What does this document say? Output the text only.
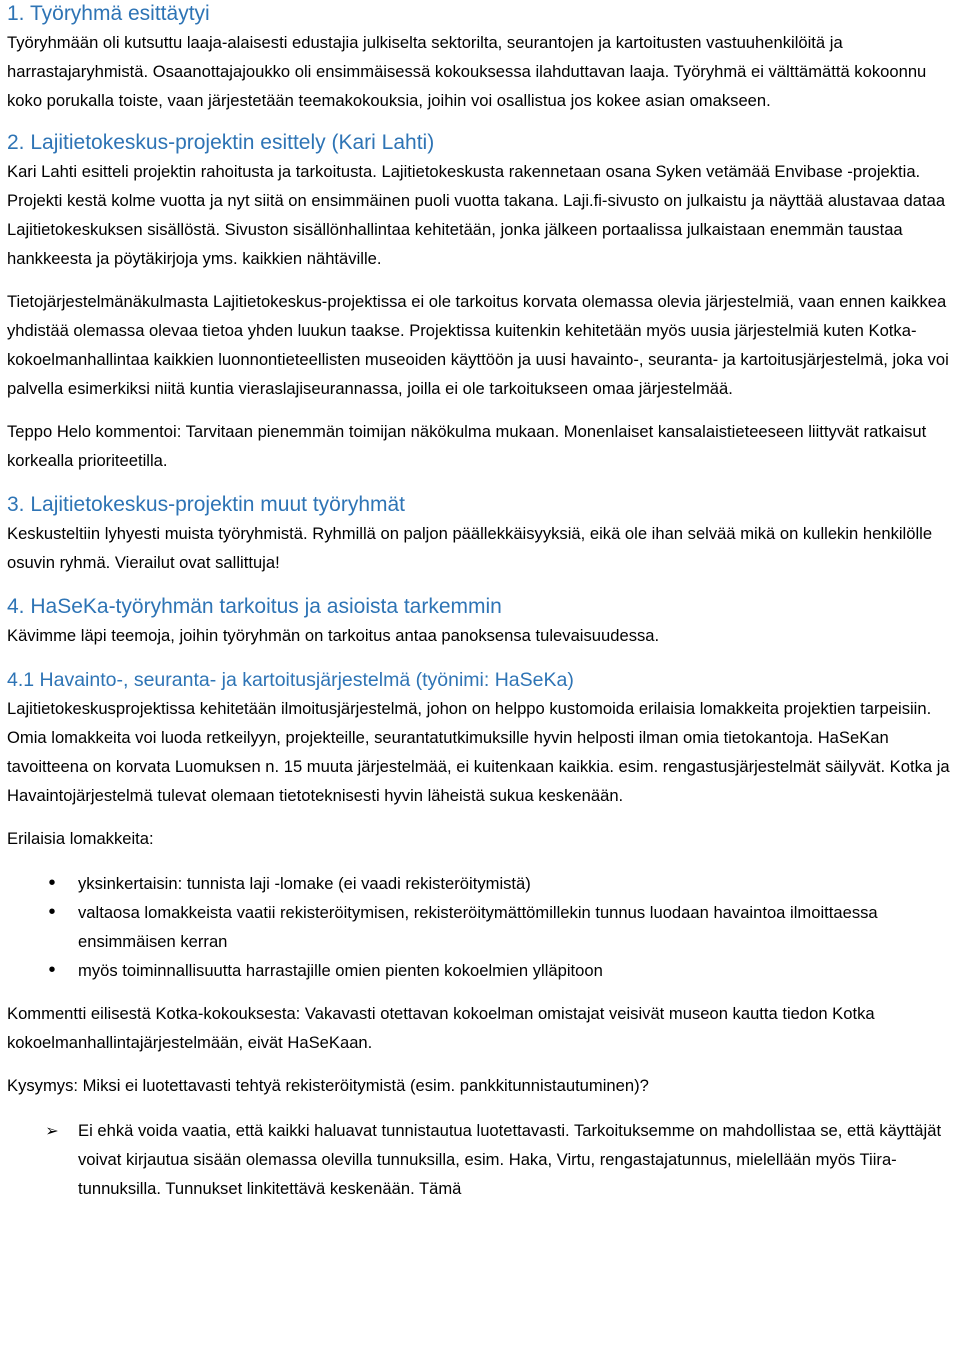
1. Työryhmä esittäytyi

Työryhmään oli kutsuttu laaja-alaisesti edustajia julkiselta sektorilta, seurantojen ja kartoitusten vastuuhenkilöitä ja harrastajaryhmistä. Osaanottajajoukko oli ensimmäisessä kokouksessa ilahduttavan laaja. Työryhmä ei välttämättä kokoonnu koko porukalla toiste, vaan järjestetään teemakokouksia, joihin voi osallistua jos kokee asian omakseen.

2. Lajitietokeskus-projektin esittely (Kari Lahti)

Kari Lahti esitteli projektin rahoitusta ja tarkoitusta. Lajitietokeskusta rakennetaan osana Syken vetämää Envibase -projektia. Projekti kestä kolme vuotta ja nyt siitä on ensimmäinen puoli vuotta takana. Laji.fi-sivusto on julkaistu ja näyttää alustavaa dataa Lajitietokeskuksen sisällöstä. Sivuston sisällönhallintaa kehitetään, jonka jälkeen portaalissa julkaistaan enemmän taustaa hankkeesta ja pöytäkirjoja yms. kaikkien nähtäville.

Tietojärjestelmänäkulmasta Lajitietokeskus-projektissa ei ole tarkoitus korvata olemassa olevia järjestelmiä, vaan ennen kaikkea yhdistää olemassa olevaa tietoa yhden luukun taakse. Projektissa kuitenkin kehitetään myös uusia järjestelmiä kuten Kotka-kokoelmanhallintaa kaikkien luonnontieteellisten museoiden käyttöön ja uusi havainto-, seuranta- ja kartoitusjärjestelmä, joka voi palvella esimerkiksi niitä kuntia vieraslajiseurannassa, joilla ei ole tarkoitukseen omaa järjestelmää.

Teppo Helo kommentoi: Tarvitaan pienemmän toimijan näkökulma mukaan. Monenlaiset kansalaistieteeseen liittyvät ratkaisut korkealla prioriteetilla.

3. Lajitietokeskus-projektin muut työryhmät

Keskusteltiin lyhyesti muista työryhmistä. Ryhmillä on paljon päällekkäisyyksiä, eikä ole ihan selvää mikä on kullekin henkilölle osuvin ryhmä. Vierailut ovat sallittuja!

4. HaSeKa-työryhmän tarkoitus ja asioista tarkemmin

Kävimme läpi teemoja, joihin työryhmän on tarkoitus antaa panoksensa tulevaisuudessa.

4.1 Havainto-, seuranta- ja kartoitusjärjestelmä (työnimi: HaSeKa)

Lajitietokeskusprojektissa kehitetään ilmoitusjärjestelmä, johon on helppo kustomoida erilaisia lomakkeita projektien tarpeisiin. Omia lomakkeita voi luoda retkeilyyn, projekteille, seurantatutkimuksille hyvin helposti ilman omia tietokantoja. HaSeKan tavoitteena on korvata Luomuksen n. 15 muuta järjestelmää, ei kuitenkaan kaikkia. esim. rengastusjärjestelmät säilyvät. Kotka ja Havaintojärjestelmä tulevat olemaan tietoteknisesti hyvin läheistä sukua keskenään.

Erilaisia lomakkeita:

•
yksinkertaisin: tunnista laji -lomake (ei vaadi rekisteröitymistä)
•
valtaosa lomakkeista vaatii rekisteröitymisen, rekisteröitymättömillekin tunnus luodaan havaintoa ilmoittaessa ensimmäisen kerran
•
myös toiminnallisuutta harrastajille omien pienten kokoelmien ylläpitoon

Kommentti eilisestä Kotka-kokouksesta: Vakavasti otettavan kokoelman omistajat veisivät museon kautta tiedon Kotka kokoelmanhallintajärjestelmään, eivät HaSeKaan.

Kysymys: Miksi ei luotettavasti tehtyä rekisteröitymistä (esim. pankkitunnistautuminen)?

➢
Ei ehkä voida vaatia, että kaikki haluavat tunnistautua luotettavasti. Tarkoituksemme on mahdollistaa se, että käyttäjät voivat kirjautua sisään olemassa olevilla tunnuksilla, esim. Haka, Virtu, rengastajatunnus, mielellään myös Tiira-tunnuksilla. Tunnukset linkitettävä keskenään. Tämä
